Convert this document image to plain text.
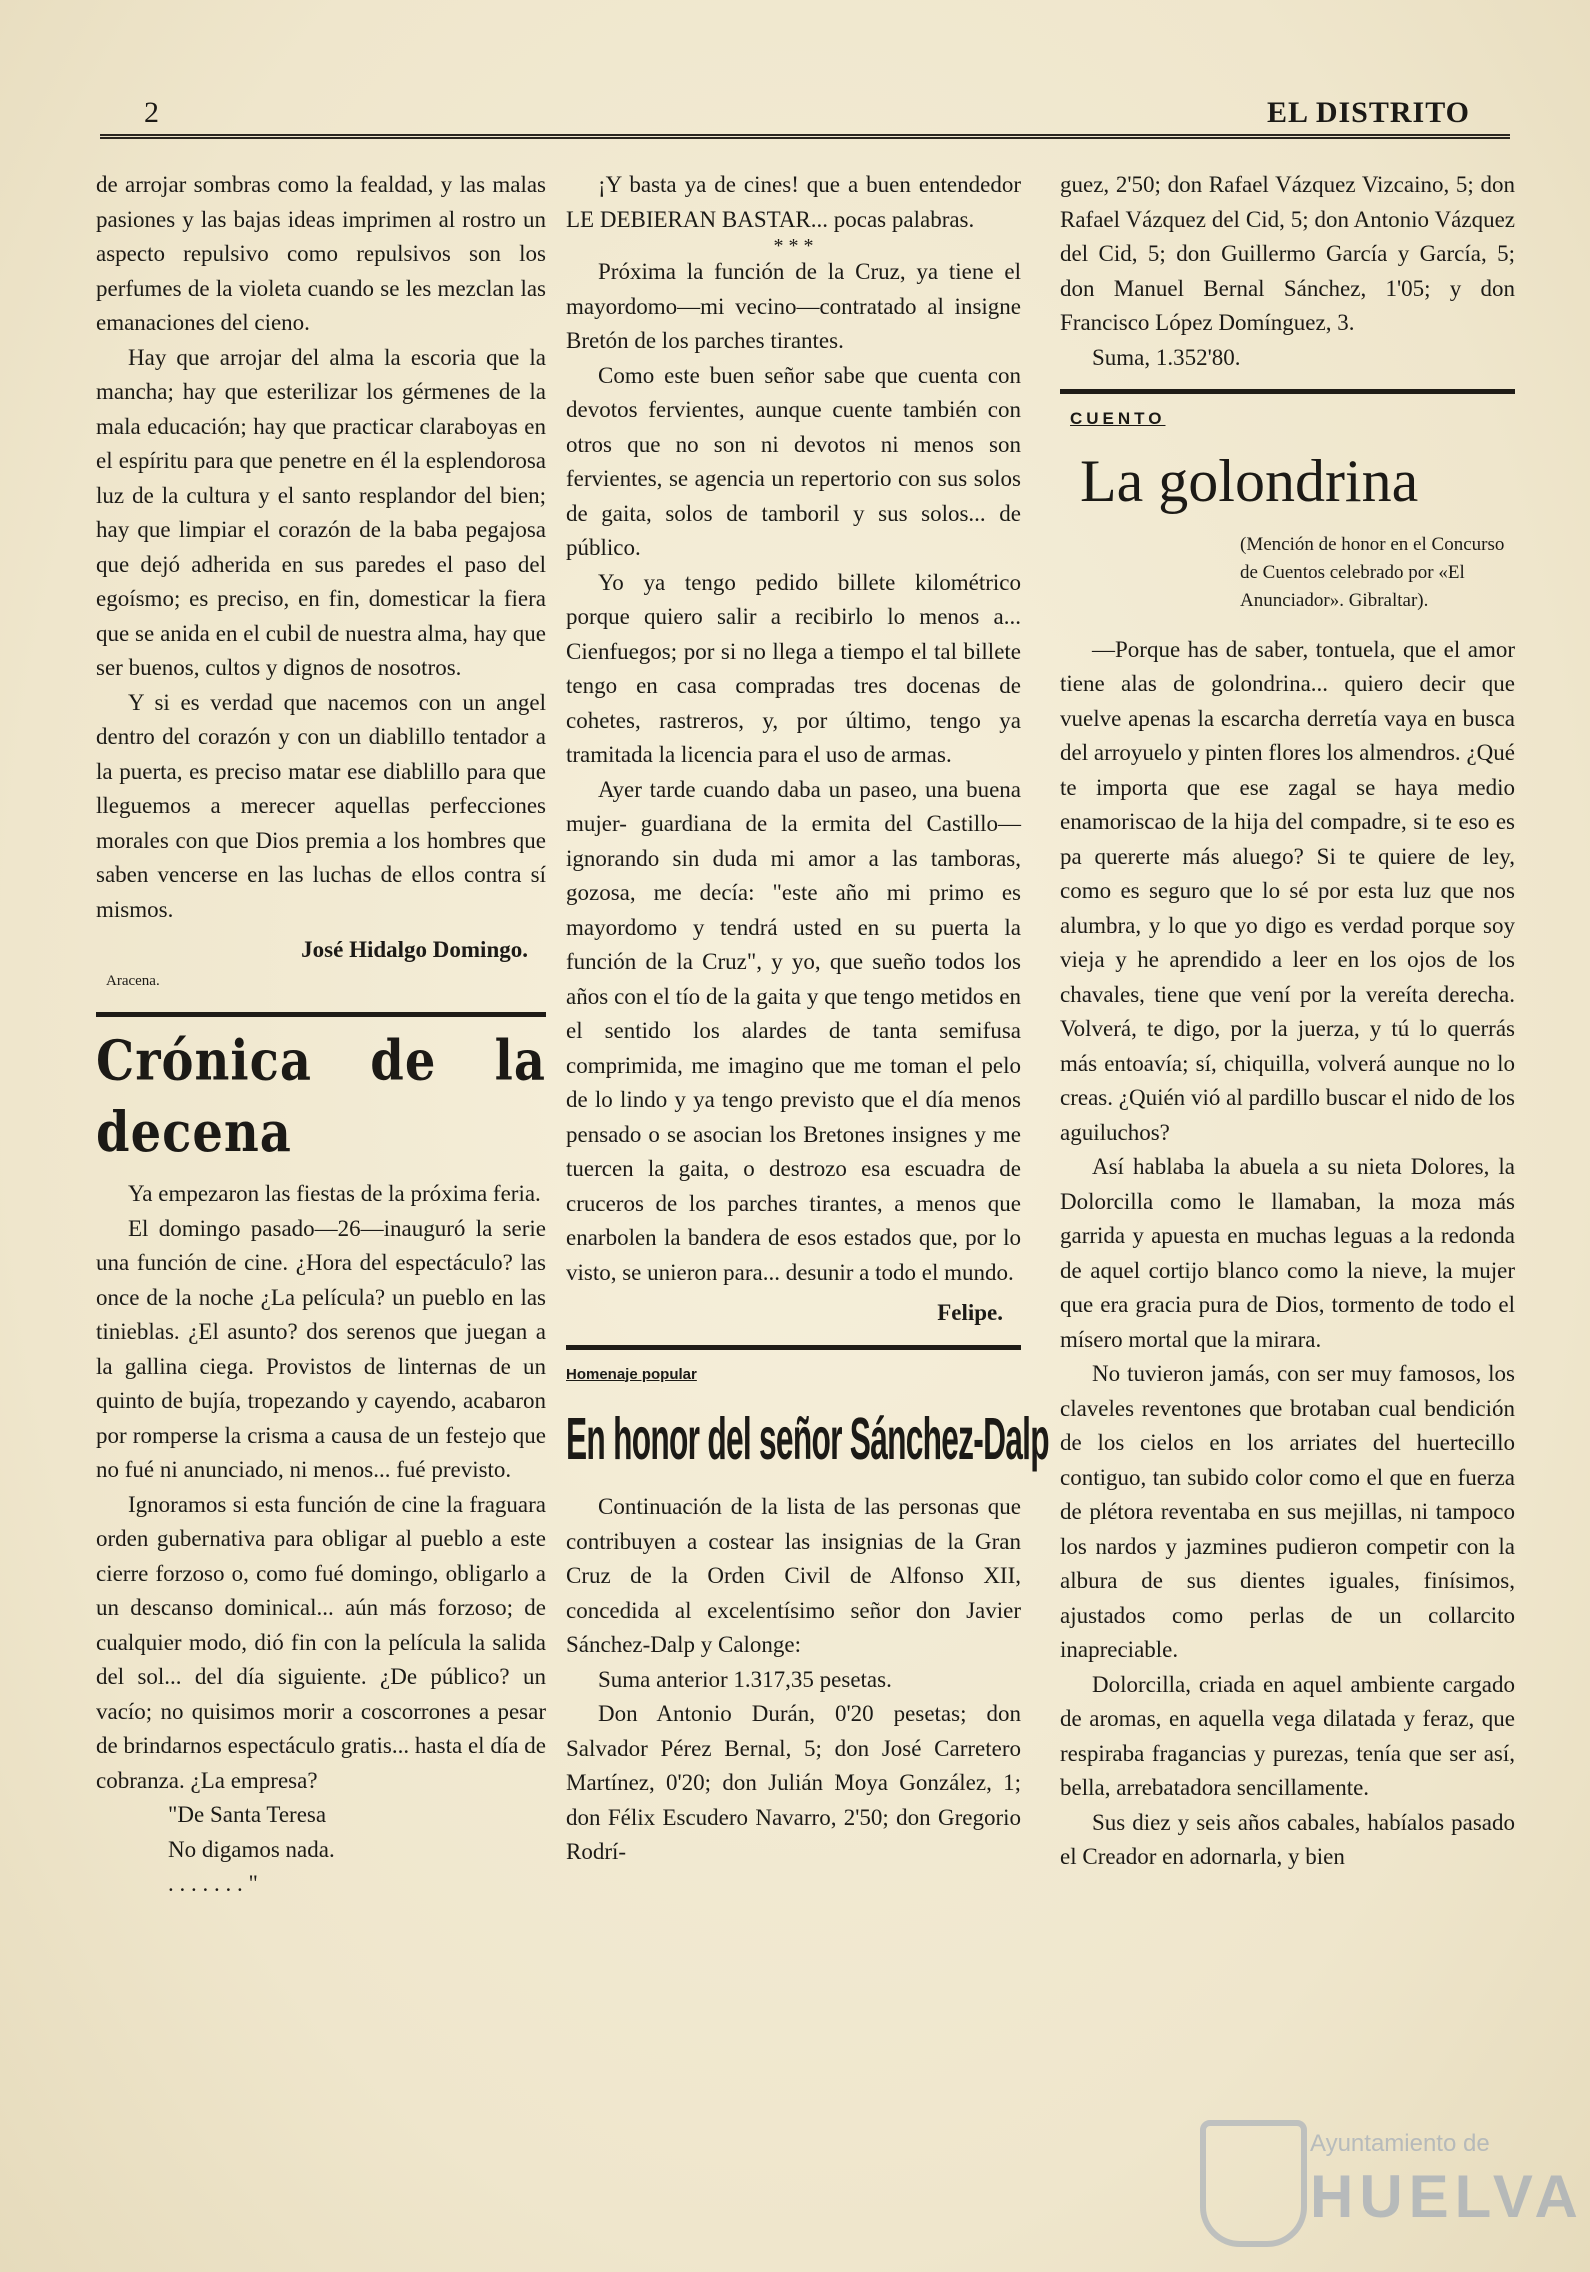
2	EL DISTRITO

de arrojar sombras como la fealdad, y las malas pasiones y las bajas ideas imprimen al rostro un aspecto repulsivo como repulsivos son los perfumes de la violeta cuando se les mezclan las emanaciones del cieno.

Hay que arrojar del alma la escoria que la mancha; hay que esterilizar los gérmenes de la mala educación; hay que practicar claraboyas en el espíritu para que penetre en él la esplendorosa luz de la cultura y el santo resplandor del bien; hay que limpiar el corazón de la baba pegajosa que dejó adherida en sus paredes el paso del egoísmo; es preciso, en fin, domesticar la fiera que se anida en el cubil de nuestra alma, hay que ser buenos, cultos y dignos de nosotros.

Y si es verdad que nacemos con un angel dentro del corazón y con un diablillo tentador a la puerta, es preciso matar ese diablillo para que lleguemos a merecer aquellas perfecciones morales con que Dios premia a los hombres que saben vencerse en las luchas de ellos contra sí mismos.

José Hidalgo Domingo.
Aracena.
Crónica de la decena

Ya empezaron las fiestas de la próxima feria.

El domingo pasado—26—inauguró la serie una función de cine. ¿Hora del espectáculo? las once de la noche ¿La película? un pueblo en las tinieblas. ¿El asunto? dos serenos que juegan a la gallina ciega. Provistos de linternas de un quinto de bujía, tropezando y cayendo, acabaron por romperse la crisma a causa de un festejo que no fué ni anunciado, ni menos... fué previsto.

Ignoramos si esta función de cine la fraguara orden gubernativa para obligar al pueblo a este cierre forzoso o, como fué domingo, obligarlo a un descanso dominical... aún más forzoso; de cualquier modo, dió fin con la película la salida del sol... del día siguiente. ¿De público? un vacío; no quisimos morir a coscorrones a pesar de brindarnos espectáculo gratis... hasta el día de cobranza. ¿La empresa?

"De Santa Teresa

No digamos nada.

. . . . . . . "

¡Y basta ya de cines! que a buen entendedor LE DEBIERAN BASTAR... pocas palabras.

* * *

Próxima la función de la Cruz, ya tiene el mayordomo—mi vecino—contratado al insigne Bretón de los parches tirantes.

Como este buen señor sabe que cuenta con devotos fervientes, aunque cuente también con otros que no son ni devotos ni menos son fervientes, se agencia un repertorio con sus solos de gaita, solos de tamboril y sus solos... de público.

Yo ya tengo pedido billete kilométrico porque quiero salir a recibirlo lo menos a... Cienfuegos; por si no llega a tiempo el tal billete tengo en casa compradas tres docenas de cohetes, rastreros, y, por último, tengo ya tramitada la licencia para el uso de armas.

Ayer tarde cuando daba un paseo, una buena mujer- guardiana de la ermita del Castillo—ignorando sin duda mi amor a las tamboras, gozosa, me decía: "este año mi primo es mayordomo y tendrá usted en su puerta la función de la Cruz", y yo, que sueño todos los años con el tío de la gaita y que tengo metidos en el sentido los alardes de tanta semifusa comprimida, me imagino que me toman el pelo de lo lindo y ya tengo previsto que el día menos pensado o se asocian los Bretones insignes y me tuercen la gaita, o destrozo esa escuadra de cruceros de los parches tirantes, a menos que enarbolen la bandera de esos estados que, por lo visto, se unieron para... desunir a todo el mundo.

Felipe.
Homenaje popular
En honor del señor Sánchez-Dalp

Continuación de la lista de las personas que contribuyen a costear las insignias de la Gran Cruz de la Orden Civil de Alfonso XII, concedida al excelentísimo señor don Javier Sánchez-Dalp y Calonge:

Suma anterior 1.317,35 pesetas.

Don Antonio Durán, 0'20 pesetas; don Salvador Pérez Bernal, 5; don José Carretero Martínez, 0'20; don Julián Moya González, 1; don Félix Escudero Navarro, 2'50; don Gregorio Rodrí-

guez, 2'50; don Rafael Vázquez Vizcaino, 5; don Rafael Vázquez del Cid, 5; don Antonio Vázquez del Cid, 5; don Guillermo García y García, 5; don Manuel Bernal Sánchez, 1'05; y don Francisco López Domínguez, 3.

Suma, 1.352'80.

CUENTO
La golondrina
(Mención de honor en el Concurso de Cuentos celebrado por «El Anunciador». Gibraltar).

—Porque has de saber, tontuela, que el amor tiene alas de golondrina... quiero decir que vuelve apenas la escarcha derretía vaya en busca del arroyuelo y pinten flores los almendros. ¿Qué te importa que ese zagal se haya medio enamoriscao de la hija del compadre, si te eso es pa quererte más aluego? Si te quiere de ley, como es seguro que lo sé por esta luz que nos alumbra, y lo que yo digo es verdad porque soy vieja y he aprendido a leer en los ojos de los chavales, tiene que vení por la vereíta derecha. Volverá, te digo, por la juerza, y tú lo querrás más entoavía; sí, chiquilla, volverá aunque no lo creas. ¿Quién vió al pardillo buscar el nido de los aguiluchos?

Así hablaba la abuela a su nieta Dolores, la Dolorcilla como le llamaban, la moza más garrida y apuesta en muchas leguas a la redonda de aquel cortijo blanco como la nieve, la mujer que era gracia pura de Dios, tormento de todo el mísero mortal que la mirara.

No tuvieron jamás, con ser muy famosos, los claveles reventones que brotaban cual bendición de los cielos en los arriates del huertecillo contiguo, tan subido color como el que en fuerza de plétora reventaba en sus mejillas, ni tampoco los nardos y jazmines pudieron competir con la albura de sus dientes iguales, finísimos, ajustados como perlas de un collarcito inapreciable.

Dolorcilla, criada en aquel ambiente cargado de aromas, en aquella vega dilatada y feraz, que respiraba fragancias y purezas, tenía que ser así, bella, arrebatadora sencillamente.

Sus diez y seis años cabales, habíalos pasado el Creador en adornarla, y bien

Ayuntamiento de
HUELVA
